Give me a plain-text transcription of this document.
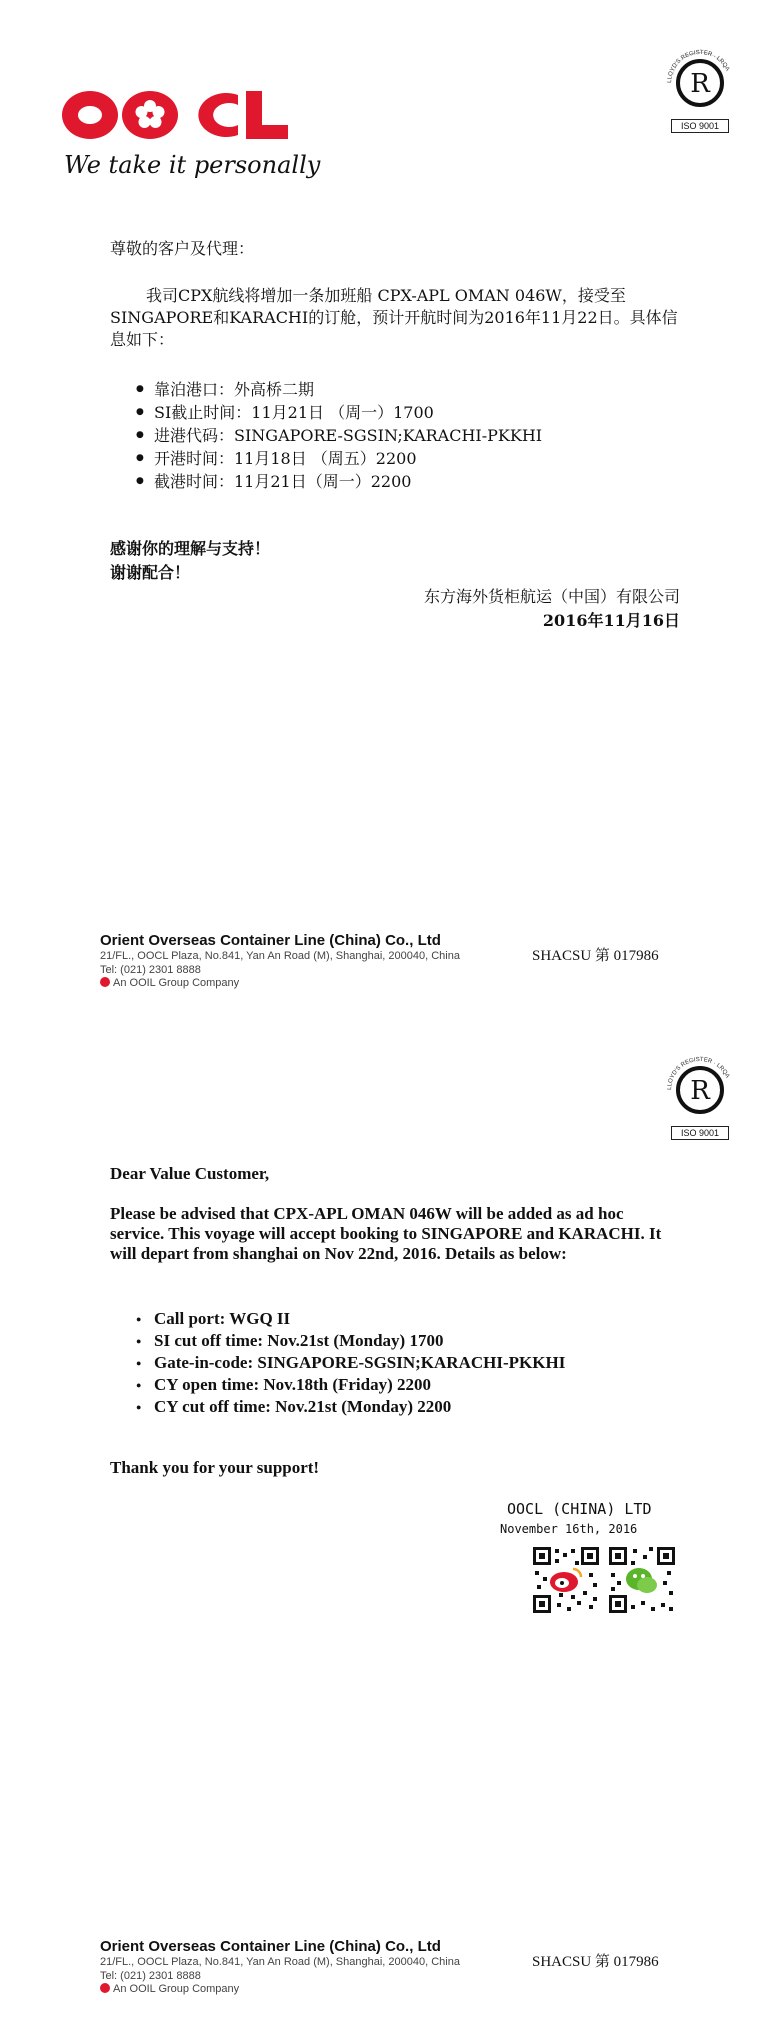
We take it personally
R
LLOYD'S REGISTER · LRQA
ISO 9001
尊敬的客户及代理：
我司CPX航线将增加一条加班船 CPX-APL OMAN 046W，接受至 SINGAPORE和KARACHI的订舱，预计开航时间为2016年11月22日。具体信息如下：
● 靠泊港口：外高桥二期
● SI截止时间：11月21日 （周一）1700
● 进港代码：SINGAPORE-SGSIN;KARACHI-PKKHI
● 开港时间：11月18日 （周五）2200
● 截港时间：11月21日（周一）2200
感谢你的理解与支持！
谢谢配合！
东方海外货柜航运（中国）有限公司
2016年11月16日
Orient Overseas Container Line (China) Co., Ltd
21/FL., OOCL Plaza, No.841, Yan An Road (M), Shanghai, 200040, China
Tel: (021) 2301 8888
An OOIL Group Company
SHACSU 第 017986
R
LLOYD'S REGISTER · LRQA
ISO 9001
Dear Value Customer,
Please be advised that CPX-APL OMAN 046W will be added as ad hoc service. This voyage will accept booking to SINGAPORE and KARACHI. It will depart from shanghai on Nov 22nd, 2016. Details as below:
● Call port: WGQ II
● SI cut off time: Nov.21st (Monday) 1700
● Gate-in-code: SINGAPORE-SGSIN;KARACHI-PKKHI
● CY open time: Nov.18th (Friday) 2200
● CY cut off time: Nov.21st (Monday) 2200
Thank you for your support!
OOCL (CHINA) LTD
November 16th, 2016
Orient Overseas Container Line (China) Co., Ltd
21/FL., OOCL Plaza, No.841, Yan An Road (M), Shanghai, 200040, China
Tel: (021) 2301 8888
An OOIL Group Company
SHACSU 第 017986
